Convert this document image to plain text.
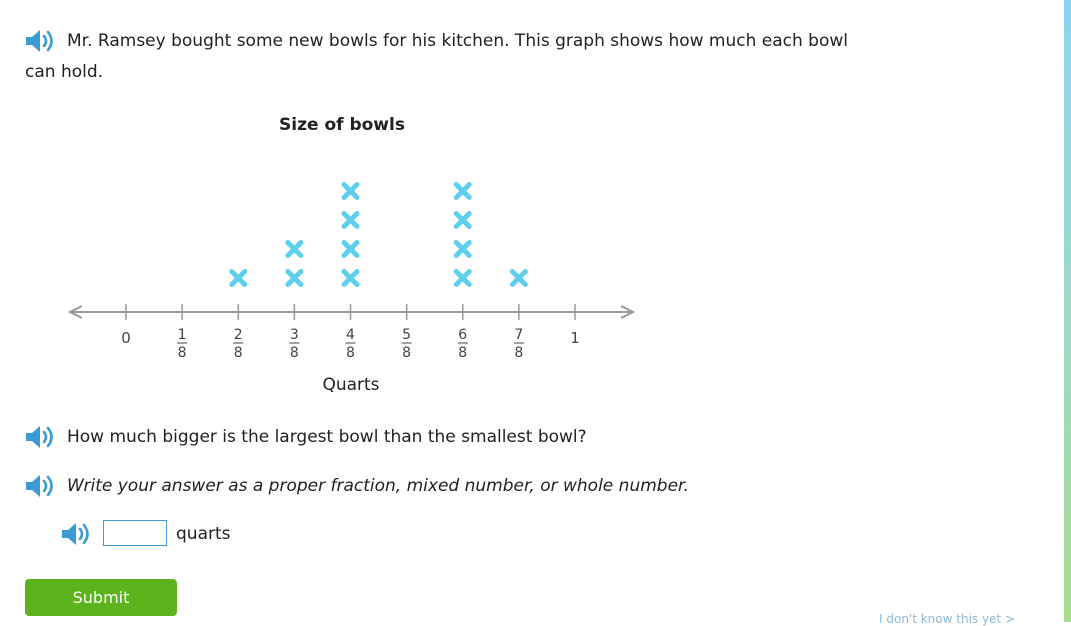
Mr. Ramsey bought some new bowls for his kitchen. This graph shows how much each bowl can hold.
Size of bowls
0	1
8
2
8
3
8
4
8
5
8
6
8
7
8
1
Quarts
How much bigger is the largest bowl than the smallest bowl?
Write your answer as a proper fraction, mixed number, or whole number.
quarts
Submit
I don't know this yet >
